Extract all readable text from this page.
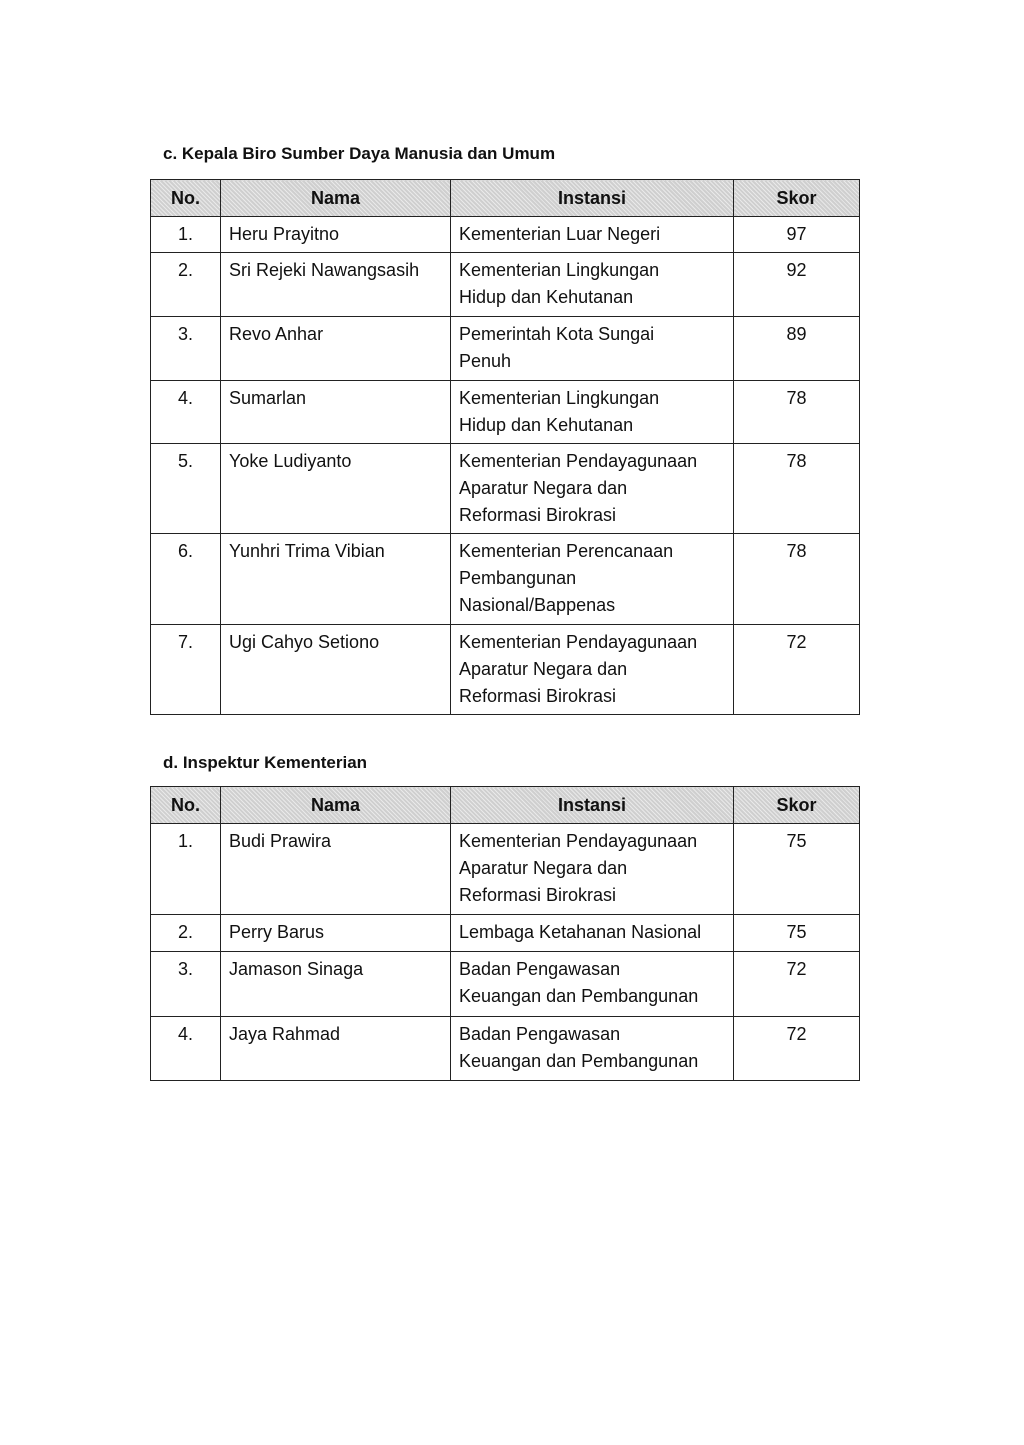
c. Kepala Biro Sumber Daya Manusia dan Umum
No.	Nama	Instansi	Skor
1.	Heru Prayitno	Kementerian Luar Negeri	97
2.	Sri Rejeki Nawangsasih	Kementerian Lingkungan
Hidup dan Kehutanan	92
3.	Revo Anhar	Pemerintah Kota Sungai
Penuh	89
4.	Sumarlan	Kementerian Lingkungan
Hidup dan Kehutanan	78
5.	Yoke Ludiyanto	Kementerian Pendayagunaan
Aparatur Negara dan
Reformasi Birokrasi	78
6.	Yunhri Trima Vibian	Kementerian Perencanaan
Pembangunan
Nasional/Bappenas	78
7.	Ugi Cahyo Setiono	Kementerian Pendayagunaan
Aparatur Negara dan
Reformasi Birokrasi	72
d. Inspektur Kementerian
No.	Nama	Instansi	Skor
1.	Budi Prawira	Kementerian Pendayagunaan
Aparatur Negara dan
Reformasi Birokrasi	75
2.	Perry Barus	Lembaga Ketahanan Nasional	75
3.	Jamason Sinaga	Badan Pengawasan
Keuangan dan Pembangunan	72
4.	Jaya Rahmad	Badan Pengawasan
Keuangan dan Pembangunan	72
